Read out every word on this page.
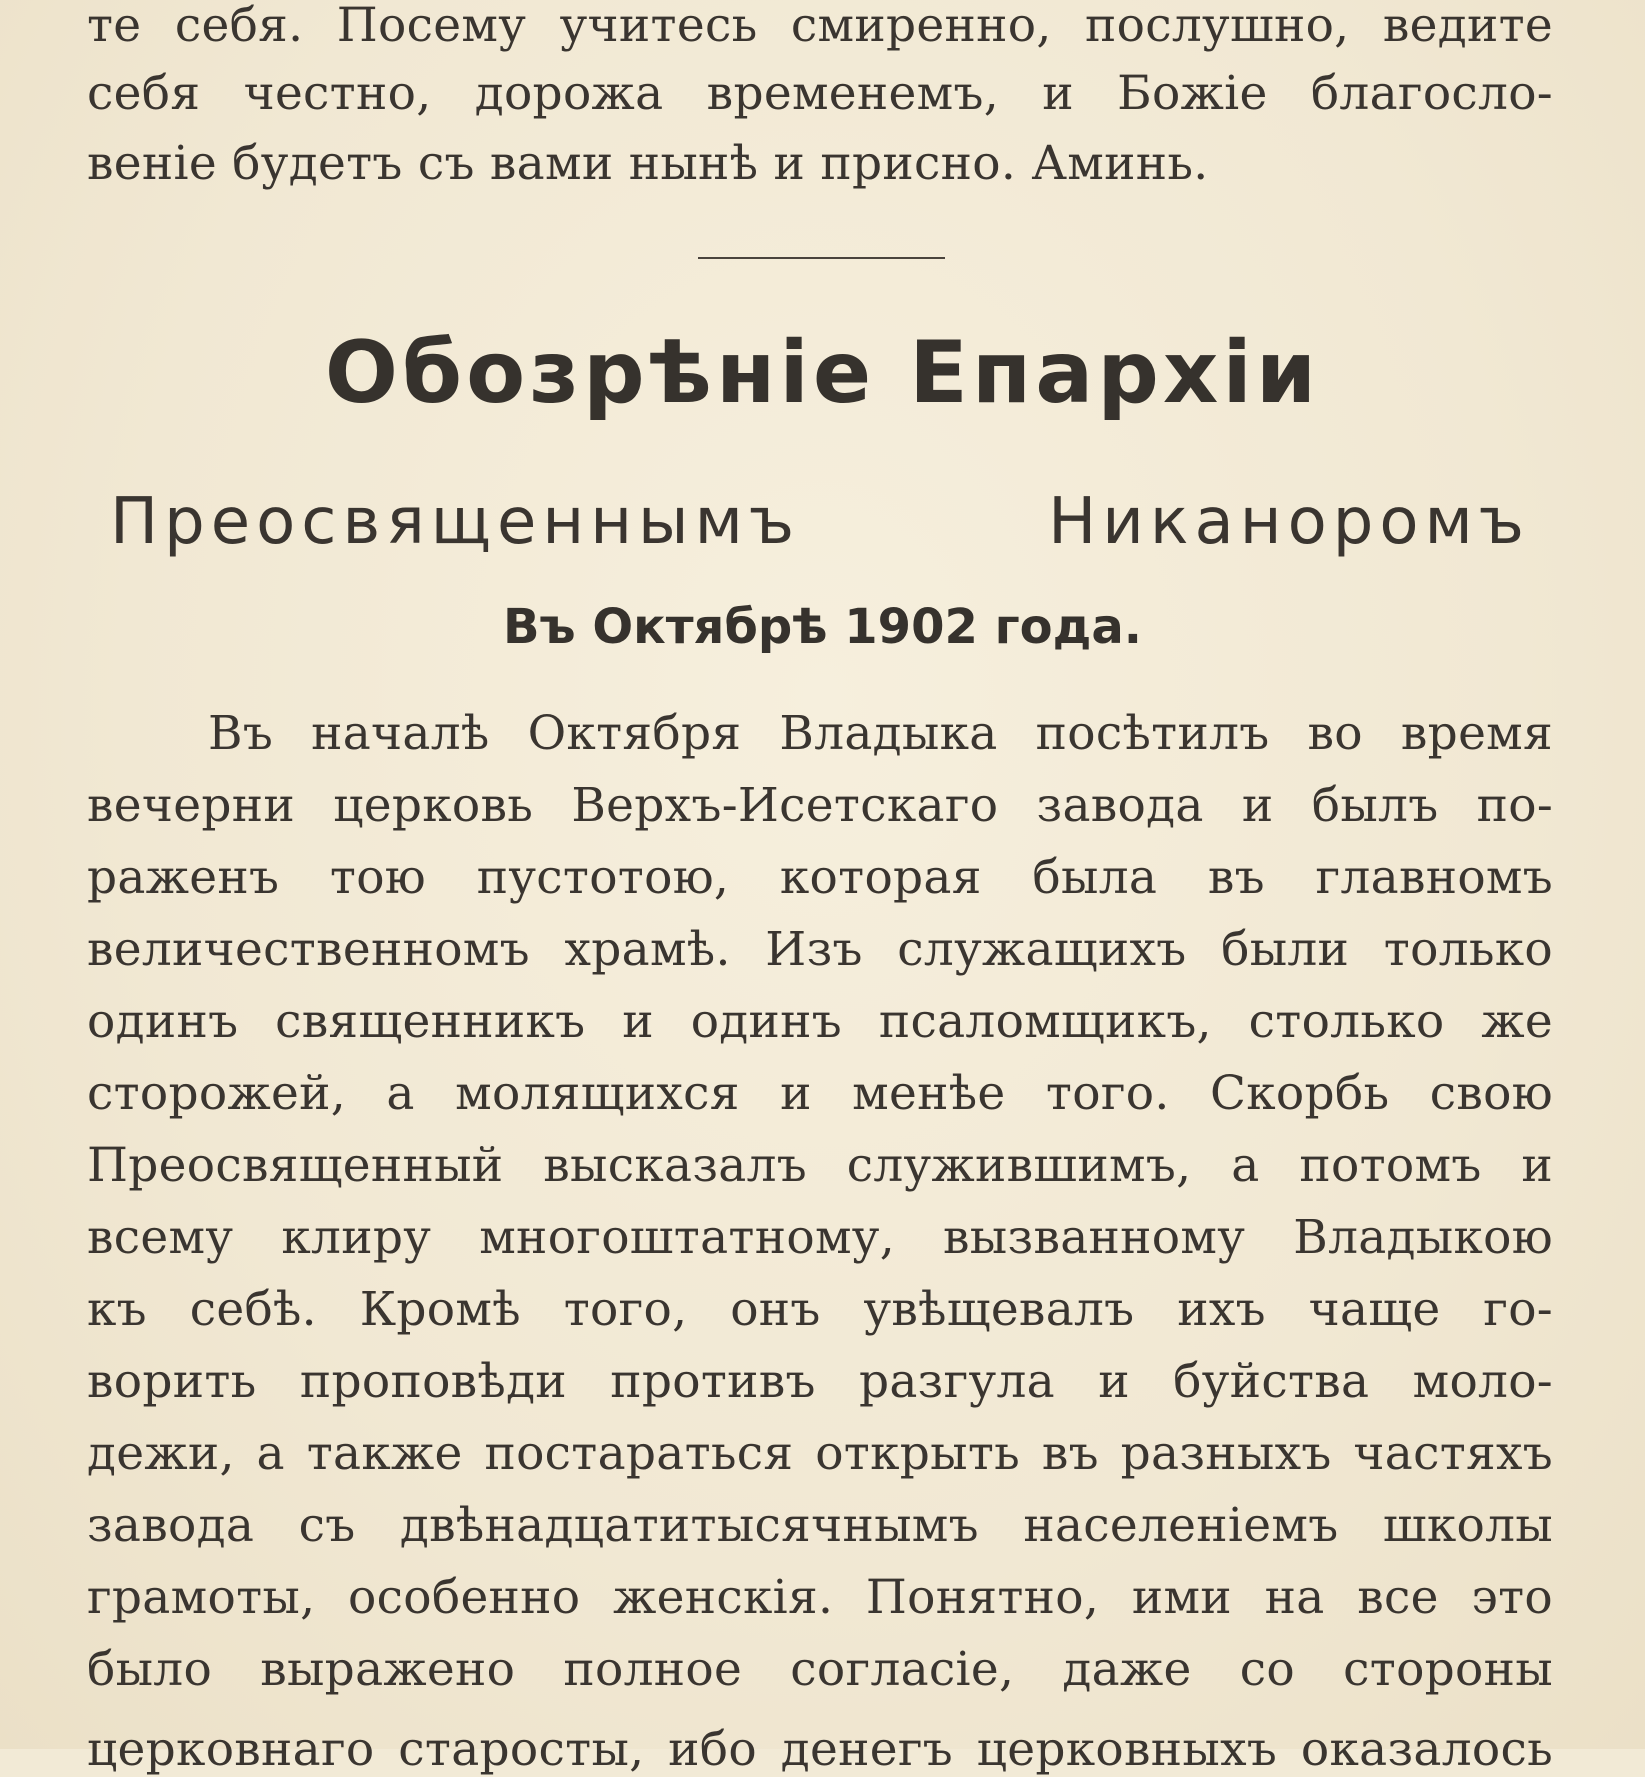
те себя. Посему учитесь смиренно, послушно, ведите
себя честно, дорожа временемъ, и Божіе благосло-
веніе будетъ съ вами нынѣ и присно. Аминь.
Обозрѣніе Епархіи
Преосвященнымъ Никаноромъ
Въ Октябрѣ 1902 года.
Въ началѣ Октября Владыка посѣтилъ во время
вечерни церковь Верхъ-Исетскаго завода и былъ по-
раженъ тою пустотою, которая была въ главномъ
величественномъ храмѣ. Изъ служащихъ были только
одинъ священникъ и одинъ псаломщикъ, столько же
сторожей, а молящихся и менѣе того. Скорбь свою
Преосвященный высказалъ служившимъ, а потомъ и
всему клиру многоштатному, вызванному Владыкою
къ себѣ. Кромѣ того, онъ увѣщевалъ ихъ чаще го-
ворить проповѣди противъ разгула и буйства моло-
дежи, а также постараться открыть въ разныхъ частяхъ
завода съ двѣнадцатитысячнымъ населеніемъ школы
грамоты, особенно женскія. Понятно, ими на все это
было выражено полное согласіе, даже со стороны
церковнаго старосты, ибо денегъ церковныхъ оказалось
